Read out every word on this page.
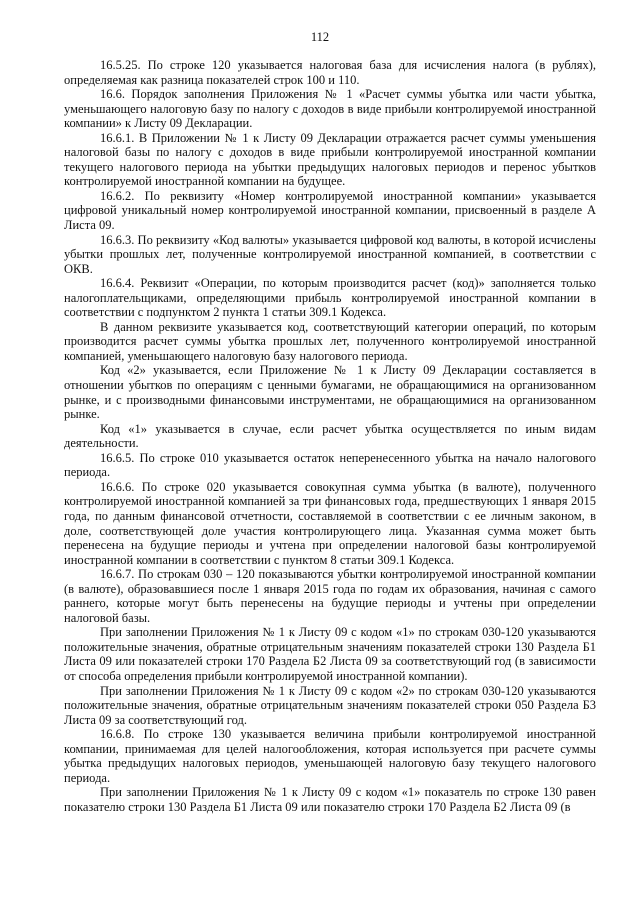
112

16.5.25. По строке 120 указывается налоговая база для исчисления налога (в рублях), определяемая как разница показателей строк 100 и 110.

16.6. Порядок заполнения Приложения № 1 «Расчет суммы убытка или части убытка, уменьшающего налоговую базу по налогу с доходов в виде прибыли контролируемой иностранной компании» к Листу 09 Декларации.

16.6.1. В Приложении № 1 к Листу 09 Декларации отражается расчет суммы уменьшения налоговой базы по налогу с доходов в виде прибыли контролируемой иностранной компании текущего налогового периода на убытки предыдущих налоговых периодов и перенос убытков контролируемой иностранной компании на будущее.

16.6.2. По реквизиту «Номер контролируемой иностранной компании» указывается цифровой уникальный номер контролируемой иностранной компании, присвоенный в разделе А Листа 09.

16.6.3. По реквизиту «Код валюты» указывается цифровой код валюты, в которой исчислены убытки прошлых лет, полученные контролируемой иностранной компанией, в соответствии с ОКВ.

16.6.4. Реквизит «Операции, по которым производится расчет (код)» заполняется только налогоплательщиками, определяющими прибыль контролируемой иностранной компании в соответствии с подпунктом 2 пункта 1 статьи 309.1 Кодекса.

В данном реквизите указывается код, соответствующий категории операций, по которым производится расчет суммы убытка прошлых лет, полученного контролируемой иностранной компанией, уменьшающего налоговую базу налогового периода.

Код «2» указывается, если Приложение № 1 к Листу 09 Декларации составляется в отношении убытков по операциям с ценными бумагами, не обращающимися на организованном рынке, и с производными финансовыми инструментами, не обращающимися на организованном рынке.

Код «1» указывается в случае, если расчет убытка осуществляется по иным видам деятельности.

16.6.5. По строке 010 указывается остаток неперенесенного убытка на начало налогового периода.

16.6.6. По строке 020 указывается совокупная сумма убытка (в валюте), полученного контролируемой иностранной компанией за три финансовых года, предшествующих 1 января 2015 года, по данным финансовой отчетности, составляемой в соответствии с ее личным законом, в доле, соответствующей доле участия контролирующего лица. Указанная сумма может быть перенесена на будущие периоды и учтена при определении налоговой базы контролируемой иностранной компании в соответствии с пунктом 8 статьи 309.1 Кодекса.

16.6.7. По строкам 030 – 120 показываются убытки контролируемой иностранной компании (в валюте), образовавшиеся после 1 января 2015 года по годам их образования, начиная с самого раннего, которые могут быть перенесены на будущие периоды и учтены при определении налоговой базы.

При заполнении Приложения № 1 к Листу 09 с кодом «1» по строкам 030-120 указываются положительные значения, обратные отрицательным значениям показателей строки 130 Раздела Б1 Листа 09 или показателей строки 170 Раздела Б2 Листа 09 за соответствующий год (в зависимости от способа определения прибыли контролируемой иностранной компании).

При заполнении Приложения № 1 к Листу 09 с кодом «2» по строкам 030-120 указываются положительные значения, обратные отрицательным значениям показателей строки 050 Раздела Б3 Листа 09 за соответствующий год.

16.6.8. По строке 130 указывается величина прибыли контролируемой иностранной компании, принимаемая для целей налогообложения, которая используется при расчете суммы убытка предыдущих налоговых периодов, уменьшающей налоговую базу текущего налогового периода.

При заполнении Приложения № 1 к Листу 09 с кодом «1» показатель по строке 130 равен показателю строки 130 Раздела Б1 Листа 09 или показателю строки 170 Раздела Б2 Листа 09 (в
